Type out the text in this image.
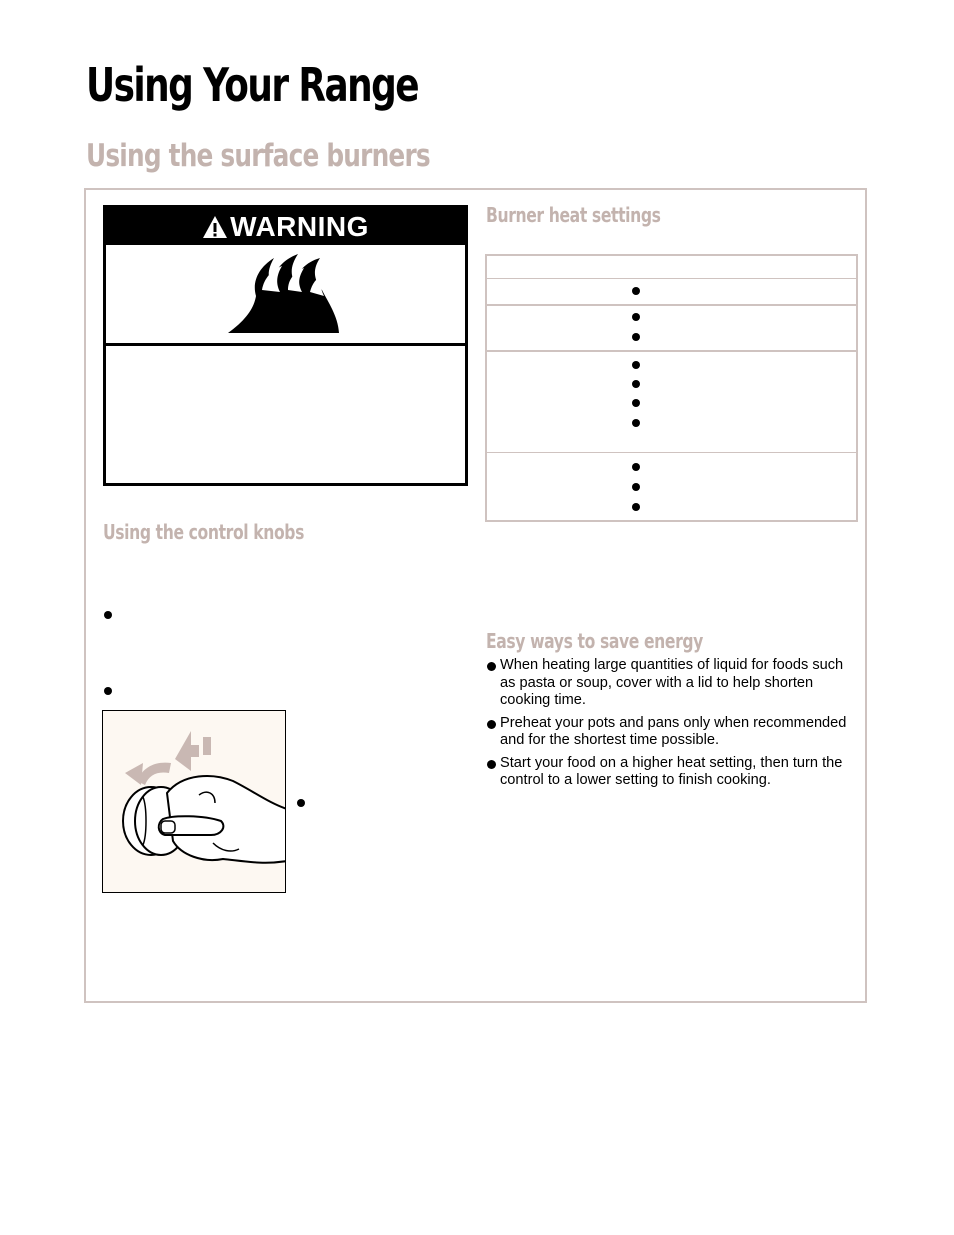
Using Your Range
Using the surface burners
WARNING
Using the control knobs
Burner heat settings
Easy ways to save energy
When heating large quantities of liquid for foods such as pasta or soup, cover with a lid to help shorten cooking time.
Preheat your pots and pans only when recommended and for the shortest time possible.
Start your food on a higher heat setting, then turn the control to a lower setting to finish cooking.
